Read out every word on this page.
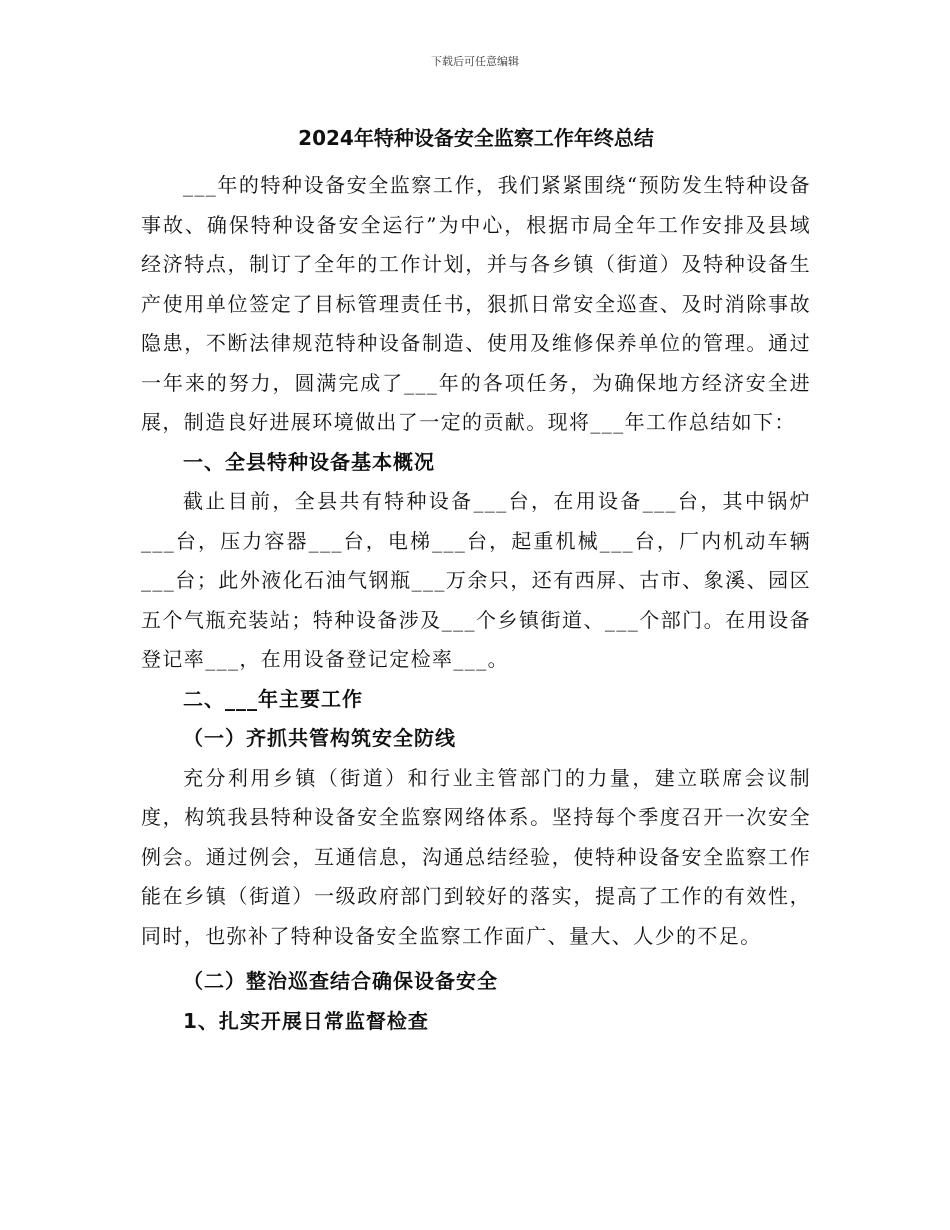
下载后可任意编辑
2024年特种设备安全监察工作年终总结

___年的特种设备安全监察工作，我们紧紧围绕“预防发生特种设备事故、确保特种设备安全运行”为中心，根据市局全年工作安排及县域经济特点，制订了全年的工作计划，并与各乡镇（街道）及特种设备生产使用单位签定了目标管理责任书，狠抓日常安全巡查、及时消除事故隐患，不断法律规范特种设备制造、使用及维修保养单位的管理。通过一年来的努力，圆满完成了___年的各项任务，为确保地方经济安全进展，制造良好进展环境做出了一定的贡献。现将___年工作总结如下：

一、全县特种设备基本概况

截止目前，全县共有特种设备___台，在用设备___台，其中锅炉___台，压力容器___台，电梯___台，起重机械___台，厂内机动车辆___台；此外液化石油气钢瓶___万余只，还有西屏、古市、象溪、园区五个气瓶充装站；特种设备涉及___个乡镇街道、___个部门。在用设备登记率___，在用设备登记定检率___。

二、___年主要工作

（一）齐抓共管构筑安全防线

充分利用乡镇（街道）和行业主管部门的力量，建立联席会议制度，构筑我县特种设备安全监察网络体系。坚持每个季度召开一次安全例会。通过例会，互通信息，沟通总结经验，使特种设备安全监察工作能在乡镇（街道）一级政府部门到较好的落实，提高了工作的有效性，同时，也弥补了特种设备安全监察工作面广、量大、人少的不足。

（二）整治巡查结合确保设备安全

1、扎实开展日常监督检查
